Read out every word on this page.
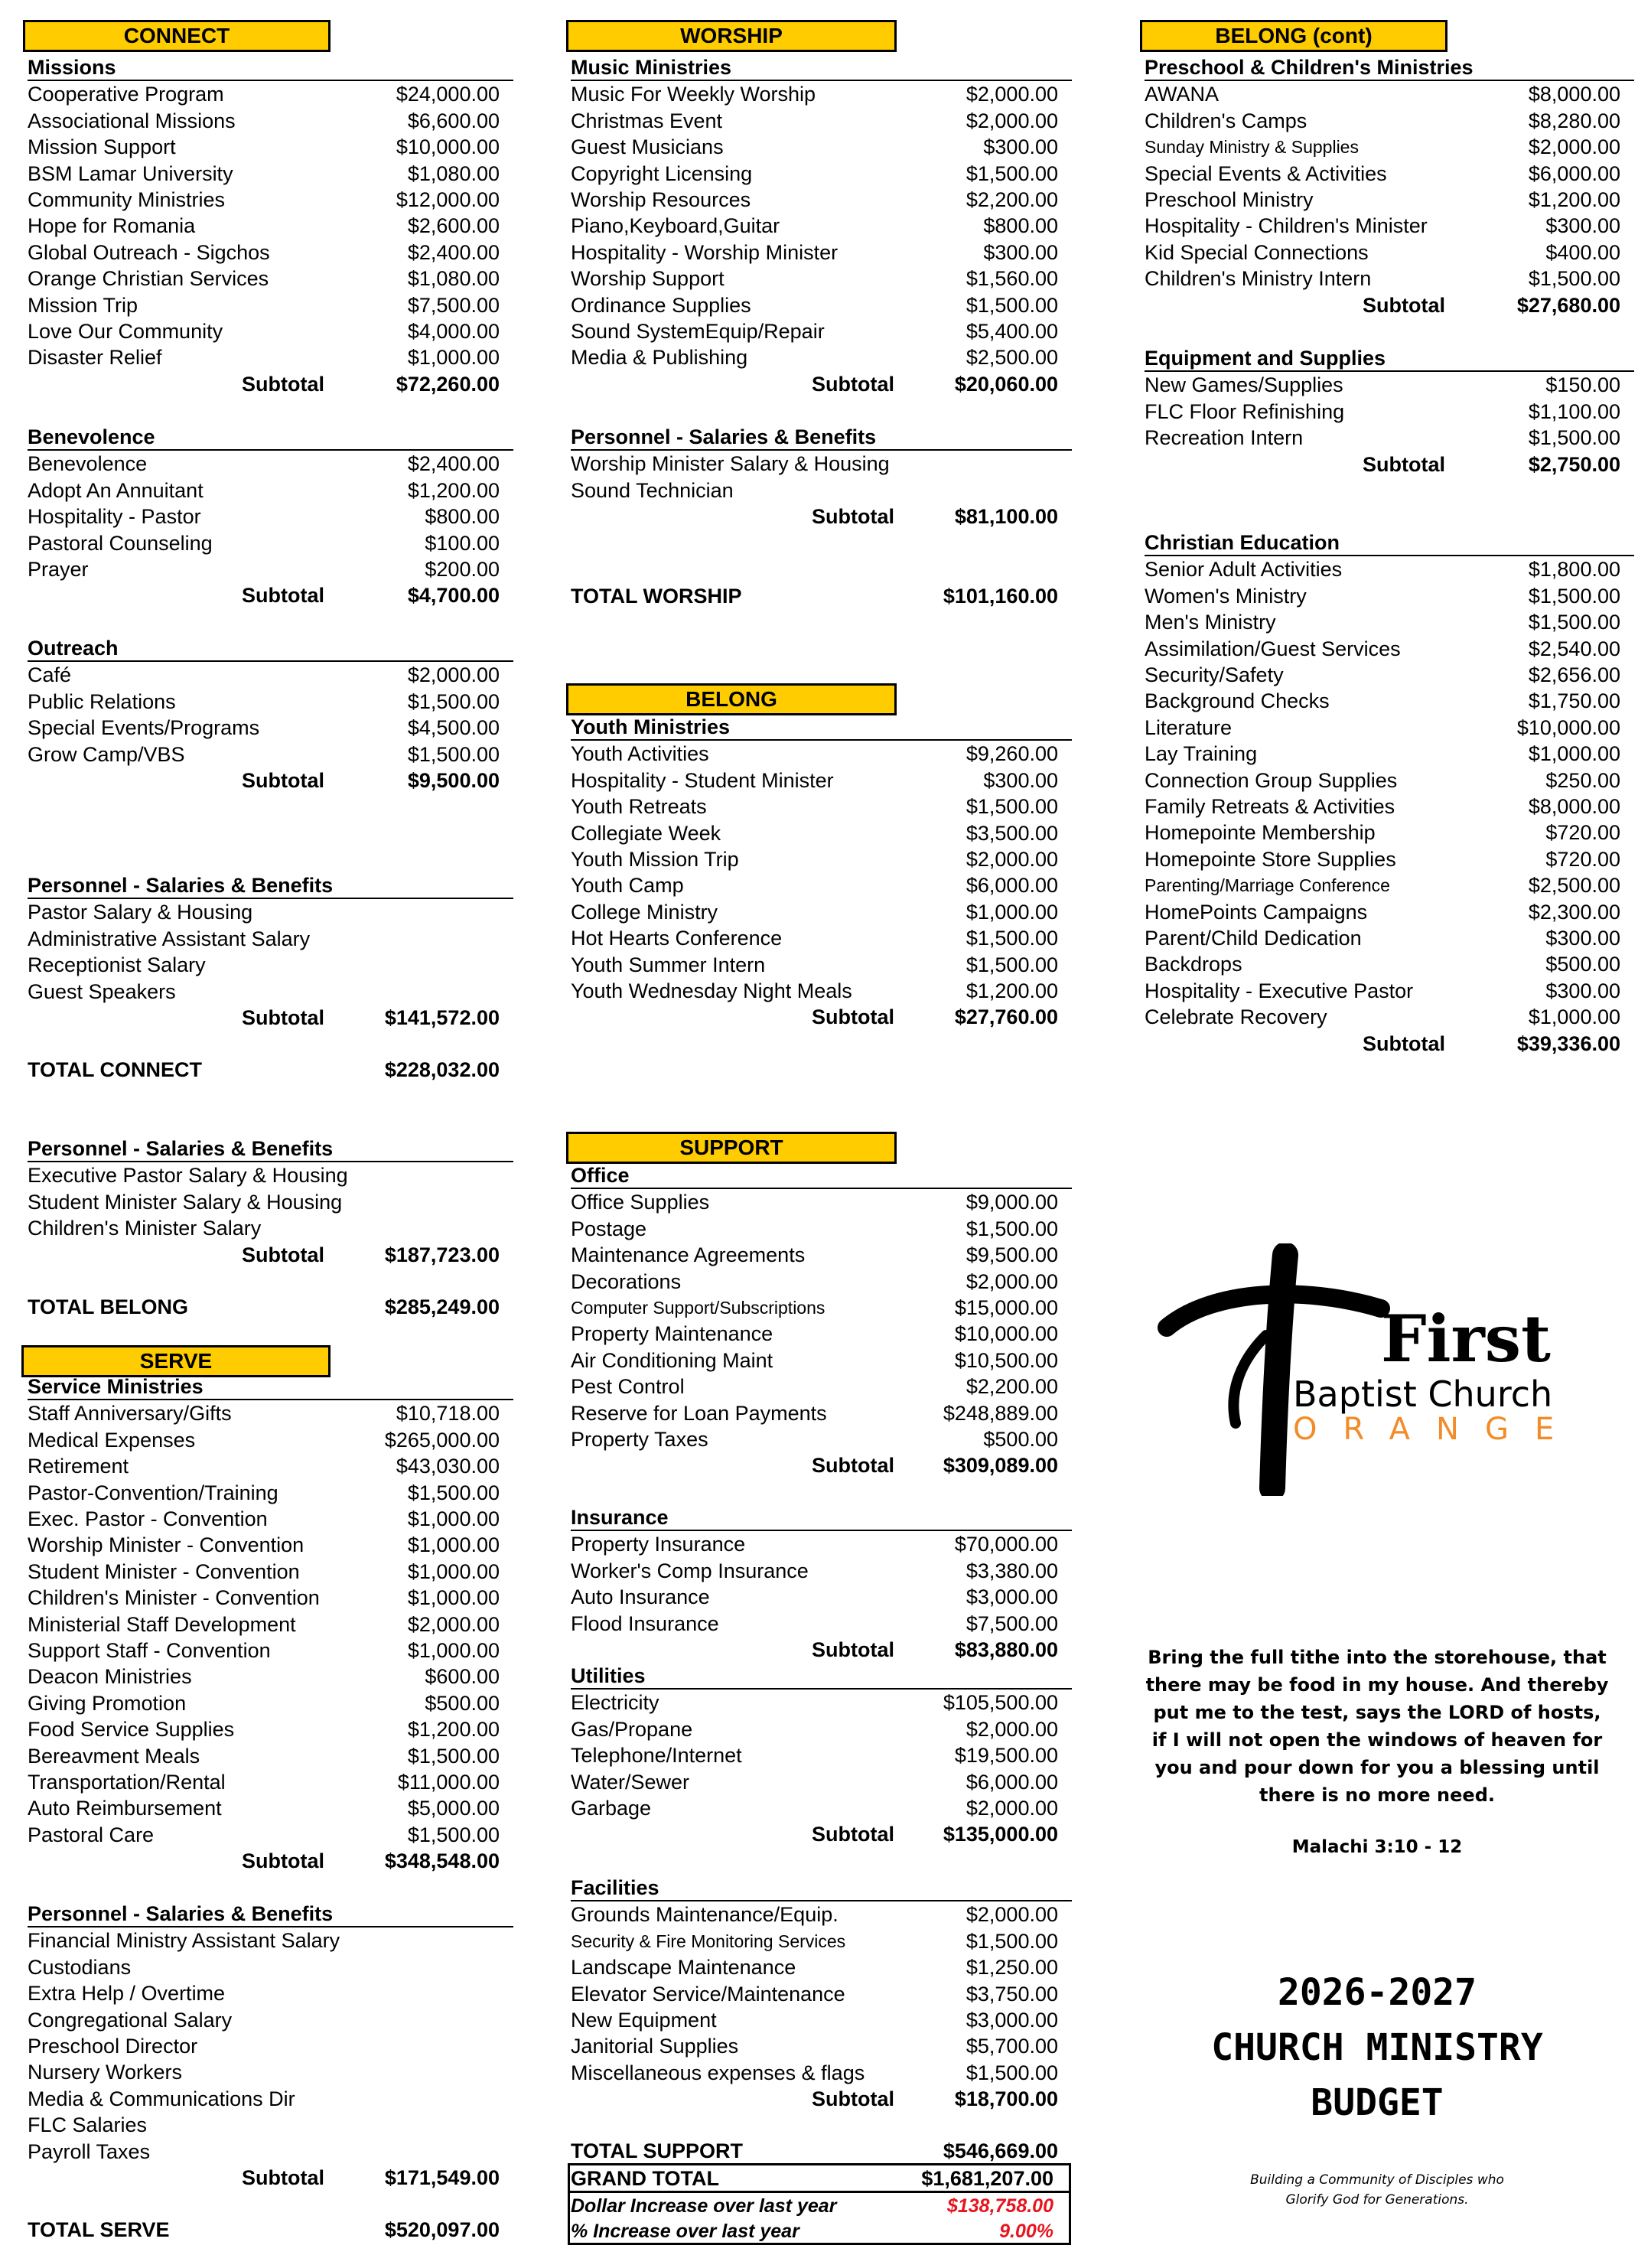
CONNECT
Missions
Cooperative Program	$24,000.00
Associational Missions	$6,600.00
Mission Support	$10,000.00
BSM Lamar University	$1,080.00
Community Ministries	$12,000.00
Hope for Romania	$2,600.00
Global Outreach - Sigchos	$2,400.00
Orange Christian Services	$1,080.00
Mission Trip	$7,500.00
Love Our Community	$4,000.00
Disaster Relief	$1,000.00
Subtotal	$72,260.00
Benevolence
Benevolence	$2,400.00
Adopt An Annuitant	$1,200.00
Hospitality - Pastor	$800.00
Pastoral Counseling	$100.00
Prayer	$200.00
Subtotal	$4,700.00
Outreach
Café	$2,000.00
Public Relations	$1,500.00
Special Events/Programs	$4,500.00
Grow Camp/VBS	$1,500.00
Subtotal	$9,500.00
Personnel - Salaries & Benefits
Pastor Salary & Housing
Administrative Assistant Salary
Receptionist Salary
Guest Speakers
Subtotal	$141,572.00
TOTAL CONNECT	$228,032.00
Personnel - Salaries & Benefits
Executive Pastor Salary & Housing
Student Minister Salary & Housing
Children's Minister Salary
Subtotal	$187,723.00
TOTAL BELONG	$285,249.00
SERVE
Service Ministries
Staff Anniversary/Gifts	$10,718.00
Medical Expenses	$265,000.00
Retirement	$43,030.00
Pastor-Convention/Training	$1,500.00
Exec. Pastor - Convention	$1,000.00
Worship Minister - Convention	$1,000.00
Student Minister - Convention	$1,000.00
Children's Minister - Convention	$1,000.00
Ministerial Staff Development	$2,000.00
Support Staff - Convention	$1,000.00
Deacon Ministries	$600.00
Giving Promotion	$500.00
Food Service Supplies	$1,200.00
Bereavment Meals	$1,500.00
Transportation/Rental	$11,000.00
Auto Reimbursement	$5,000.00
Pastoral Care	$1,500.00
Subtotal	$348,548.00
Personnel - Salaries & Benefits
Financial Ministry Assistant Salary
Custodians
Extra Help / Overtime
Congregational Salary
Preschool Director
Nursery Workers
Media & Communications Dir
FLC Salaries
Payroll Taxes
Subtotal	$171,549.00
TOTAL SERVE	$520,097.00
WORSHIP
Music Ministries
Music For Weekly Worship	$2,000.00
Christmas Event	$2,000.00
Guest Musicians	$300.00
Copyright Licensing	$1,500.00
Worship Resources	$2,200.00
Piano,Keyboard,Guitar	$800.00
Hospitality - Worship Minister	$300.00
Worship Support	$1,560.00
Ordinance Supplies	$1,500.00
Sound SystemEquip/Repair	$5,400.00
Media & Publishing	$2,500.00
Subtotal	$20,060.00
Personnel - Salaries & Benefits
Worship Minister Salary & Housing
Sound Technician
Subtotal	$81,100.00
TOTAL WORSHIP	$101,160.00
BELONG
Youth Ministries
Youth Activities	$9,260.00
Hospitality - Student Minister	$300.00
Youth Retreats	$1,500.00
Collegiate Week	$3,500.00
Youth Mission Trip	$2,000.00
Youth Camp	$6,000.00
College Ministry	$1,000.00
Hot Hearts Conference	$1,500.00
Youth Summer Intern	$1,500.00
Youth Wednesday Night Meals	$1,200.00
Subtotal	$27,760.00
SUPPORT
Office
Office Supplies	$9,000.00
Postage	$1,500.00
Maintenance Agreements	$9,500.00
Decorations	$2,000.00
Computer Support/Subscriptions	$15,000.00
Property Maintenance	$10,000.00
Air Conditioning Maint	$10,500.00
Pest Control	$2,200.00
Reserve for Loan Payments	$248,889.00
Property Taxes	$500.00
Subtotal $309,089.00
Insurance
Property Insurance	$70,000.00
Worker's Comp Insurance	$3,380.00
Auto Insurance	$3,000.00
Flood Insurance	$7,500.00
Subtotal	$83,880.00
Utilities
Electricity	$105,500.00
Gas/Propane	$2,000.00
Telephone/Internet	$19,500.00
Water/Sewer	$6,000.00
Garbage	$2,000.00
Subtotal $135,000.00
Facilities
Grounds Maintenance/Equip.	$2,000.00
Security & Fire Monitoring Services	$1,500.00
Landscape Maintenance	$1,250.00
Elevator Service/Maintenance	$3,750.00
New Equipment	$3,000.00
Janitorial Supplies	$5,700.00
Miscellaneous expenses & flags	$1,500.00
Subtotal	$18,700.00
TOTAL SUPPORT	$546,669.00
GRAND TOTAL	$1,681,207.00
Dollar Increase over last year	$138,758.00
% Increase over last year	9.00%
BELONG (cont)
Preschool & Children's Ministries
AWANA	$8,000.00
Children's Camps	$8,280.00
Sunday Ministry & Supplies	$2,000.00
Special Events & Activities	$6,000.00
Preschool Ministry	$1,200.00
Hospitality - Children's Minister	$300.00
Kid Special Connections	$400.00
Children's Ministry Intern	$1,500.00
Subtotal	$27,680.00
Equipment and Supplies
New Games/Supplies	$150.00
FLC Floor Refinishing	$1,100.00
Recreation Intern	$1,500.00
Subtotal	$2,750.00
Christian Education
Senior Adult Activities	$1,800.00
Women's Ministry	$1,500.00
Men's Ministry	$1,500.00
Assimilation/Guest Services	$2,540.00
Security/Safety	$2,656.00
Background Checks	$1,750.00
Literature	$10,000.00
Lay Training	$1,000.00
Connection Group Supplies	$250.00
Family Retreats & Activities	$8,000.00
Homepointe Membership	$720.00
Homepointe Store Supplies	$720.00
Parenting/Marriage Conference	$2,500.00
HomePoints Campaigns	$2,300.00
Parent/Child Dedication	$300.00
Backdrops	$500.00
Hospitality - Executive Pastor	$300.00
Celebrate Recovery	$1,000.00
Subtotal	$39,336.00
First
Baptist Church
ORANGE
Bring the full tithe into the storehouse, that there may be food in my house. And thereby put me to the test, says the LORD of hosts, if I will not open the windows of heaven for you and pour down for you a blessing until there is no more need.
Malachi 3:10 - 12
2026-2027
CHURCH MINISTRY
BUDGET
Building a Community of Disciples who
Glorify God for Generations.
